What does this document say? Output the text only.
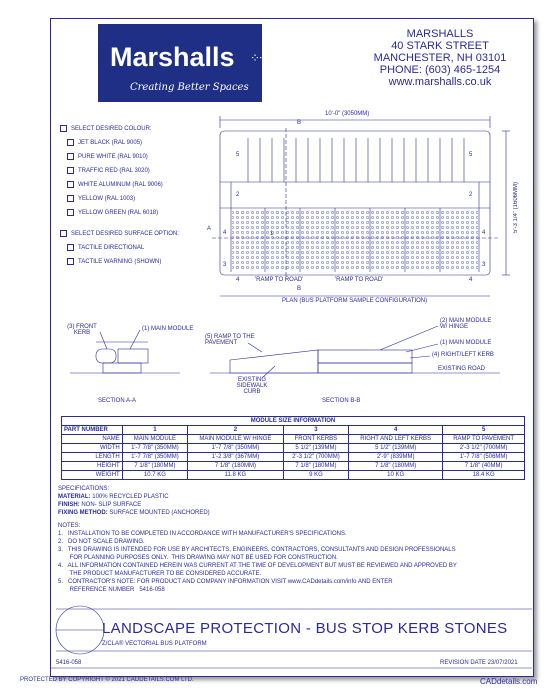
Marshalls ⁘⁘
Creating Better Spaces
MARSHALLS
40 STARK STREET
MANCHESTER, NH 03101
PHONE: (603) 465-1254
www.marshalls.co.uk
SELECT DESIRED COLOUR:
JET BLACK (RAL 9005)
PURE WHITE (RAL 9010)
TRAFFIC RED (RAL 3020)
WHITE ALUMINUM (RAL 9006)
YELLOW (RAL 1003)
YELLOW GREEN (RAL 6018)
SELECT DESIRED SURFACE OPTION:
TACTILE DIRECTIONAL
TACTILE WARNING (SHOWN)
10'-0" (3050MM)
5'-3 1/4" (1606MM)
B
B
A
5	5
2	2
1
4	4
3	3
4	4
'RAMP TO ROAD'	'RAMP TO ROAD'
PLAN (BUS PLATFORM SAMPLE CONFIGURATION)
(3) FRONT KERB
(1) MAIN MODULE
SECTION A-A
(5) RAMP TO THE PAVEMENT
(2) MAIN MODULE W/ HINGE
(1) MAIN MODULE
(4) RIGHT/LEFT KERB
EXISTING ROAD
EXISTING SIDEWALK CURB
SECTION B-B
MODULE SIZE INFORMATION					
PART NUMBER	1	2	3	4	5
NAME	MAIN MODULE	MAIN MODULE W/ HINGE	FRONT KERBS	RIGHT AND LEFT KERBS	RAMP TO PAVEMENT
WIDTH	1'-7 7/8" (350MM)	1'-7 7/8" (350MM)	5 1/2" (139MM)	5 1/2" (139MM)	2'-3 1/2" (700MM)
LENGTH	1'-7 7/8" (350MM)	1'-2 3/8" (367MM)	2'-3 1/2" (700MM)	2'-9" (839MM)	1'-7 7/8" (506MM)
HEIGHT	7 1/8" (180MM)	7 1/8" (180MM)	7 1/8" (180MM)	7 1/8" (180MM)	7 1/8" (40MM)
WEIGHT	10.7 KG	11.8 KG	9 KG	10 KG	18.4 KG
SPECIFICATIONS:
MATERIAL: 100% RECYCLED PLASTIC
FINISH: NON- SLIP SURFACE
FIXING METHOD: SURFACE MOUNTED (ANCHORED)
NOTES:
1.   INSTALLATION TO BE COMPLETED IN ACCORDANCE WITH MANUFACTURER'S SPECIFICATIONS.
2.   DO NOT SCALE DRAWING.
3.   THIS DRAWING IS INTENDED FOR USE BY ARCHITECTS, ENGINEERS, CONTRACTORS, CONSULTANTS AND DESIGN PROFESSIONALS
FOR PLANNING PURPOSES ONLY.  THIS DRAWING MAY NOT BE USED FOR CONSTRUCTION.
4.   ALL INFORMATION CONTAINED HEREIN WAS CURRENT AT THE TIME OF DEVELOPMENT BUT MUST BE REVIEWED AND APPROVED BY
THE PRODUCT MANUFACTURER TO BE CONSIDERED ACCURATE.
5.   CONTRACTOR'S NOTE: FOR PRODUCT AND COMPANY INFORMATION VISIT www.CADdetails.com/info AND ENTER
REFERENCE NUMBER   5416-058
LANDSCAPE PROTECTION - BUS STOP KERB STONES
Z/CLA® VECTORIAL BUS PLATFORM
5416-058	REVISION DATE 23/07/2021
PROTECTED BY COPYRIGHT © 2021 CADDETAILS.COM LTD.	CADdetails.com
